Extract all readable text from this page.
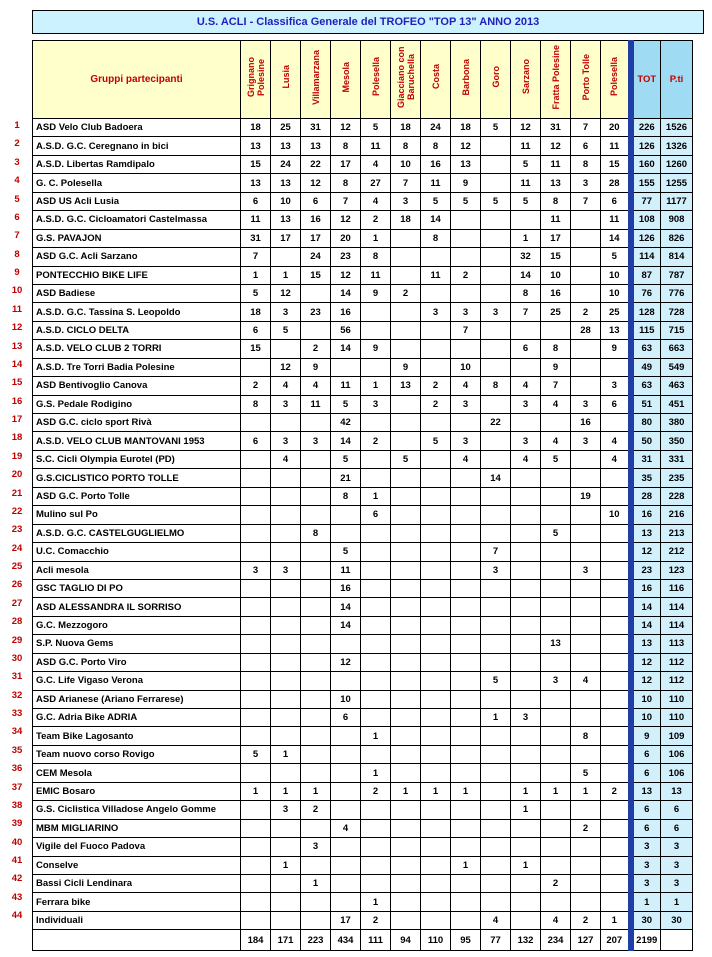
U.S. ACLI - Classifica Generale del TROFEO "TOP 13" ANNO 2013
1
2
3
4
5
6
7
8
9
10
11
12
13
14
15
16
17
18
19
20
21
22
23
24
25
26
27
28
29
30
31
32
33
34
35
36
37
38
39
40
41
42
43
44
Gruppi partecipanti	Grignano Polesine	Lusia	Villamarzana	Mesola	Polesella	Giacciano con Baruchella	Costa	Barbona	Goro	Sarzano	Fratta Polesine	Porto Tolle	Polesella	TOT	P.ti
ASD Velo Club Badoera	18	25	31	12	5	18	24	18	5	12	31	7	20	226	1526
A.S.D. G.C. Ceregnano in bici	13	13	13	8	11	8	8	12		11	12	6	11	126	1326
A.S.D. Libertas Ramdipalo	15	24	22	17	4	10	16	13		5	11	8	15	160	1260
G. C. Polesella	13	13	12	8	27	7	11	9		11	13	3	28	155	1255
ASD US Acli Lusia	6	10	6	7	4	3	5	5	5	5	8	7	6	77	1177
A.S.D. G.C. Cicloamatori Castelmassa	11	13	16	12	2	18	14				11		11	108	908
G.S. PAVAJON	31	17	17	20	1		8			1	17		14	126	826
ASD G.C. Acli Sarzano	7		24	23	8					32	15		5	114	814
PONTECCHIO BIKE LIFE	1	1	15	12	11		11	2		14	10		10	87	787
ASD Badiese	5	12		14	9	2				8	16		10	76	776
A.S.D. G.C. Tassina S. Leopoldo	18	3	23	16			3	3	3	7	25	2	25	128	728
A.S.D. CICLO DELTA	6	5		56				7				28	13	115	715
A.S.D. VELO CLUB 2 TORRI	15		2	14	9					6	8		9	63	663
A.S.D. Tre Torri Badia Polesine		12	9			9		10			9			49	549
ASD Bentivoglio Canova	2	4	4	11	1	13	2	4	8	4	7		3	63	463
G.S. Pedale Rodigino	8	3	11	5	3		2	3		3	4	3	6	51	451
ASD G.C. ciclo sport Rivà				42					22			16		80	380
A.S.D. VELO CLUB MANTOVANI 1953	6	3	3	14	2		5	3		3	4	3	4	50	350
S.C. Cicli Olympia Eurotel (PD)		4		5		5		4		4	5		4	31	331
G.S.CICLISTICO PORTO TOLLE				21					14					35	235
ASD G.C. Porto Tolle				8	1							19		28	228
Mulino sul Po					6								10	16	216
A.S.D. G.C. CASTELGUGLIELMO			8								5			13	213
U.C. Comacchio				5					7					12	212
Acli mesola	3	3		11					3			3		23	123
GSC TAGLIO DI PO				16										16	116
ASD ALESSANDRA IL SORRISO				14										14	114
G.C. Mezzogoro				14										14	114
S.P. Nuova Gems											13			13	113
ASD G.C. Porto Viro				12										12	112
G.C. Life Vigaso Verona									5		3	4		12	112
ASD Arianese (Ariano Ferrarese)				10										10	110
G.C. Adria Bike ADRIA				6					1	3				10	110
Team Bike Lagosanto					1							8		9	109
Team nuovo corso Rovigo	5	1												6	106
CEM Mesola					1							5		6	106
EMIC Bosaro	1	1	1		2	1	1	1		1	1	1	2	13	13
G.S. Ciclistica Villadose Angelo Gomme		3	2							1				6	6
MBM MIGLIARINO				4								2		6	6
Vigile del Fuoco Padova			3											3	3
Conselve		1						1		1				3	3
Bassi Cicli Lendinara			1								2			3	3
Ferrara bike					1									1	1
Individuali				17	2				4		4	2	1	30	30
	184	171	223	434	111	94	110	95	77	132	234	127	207	2199	
